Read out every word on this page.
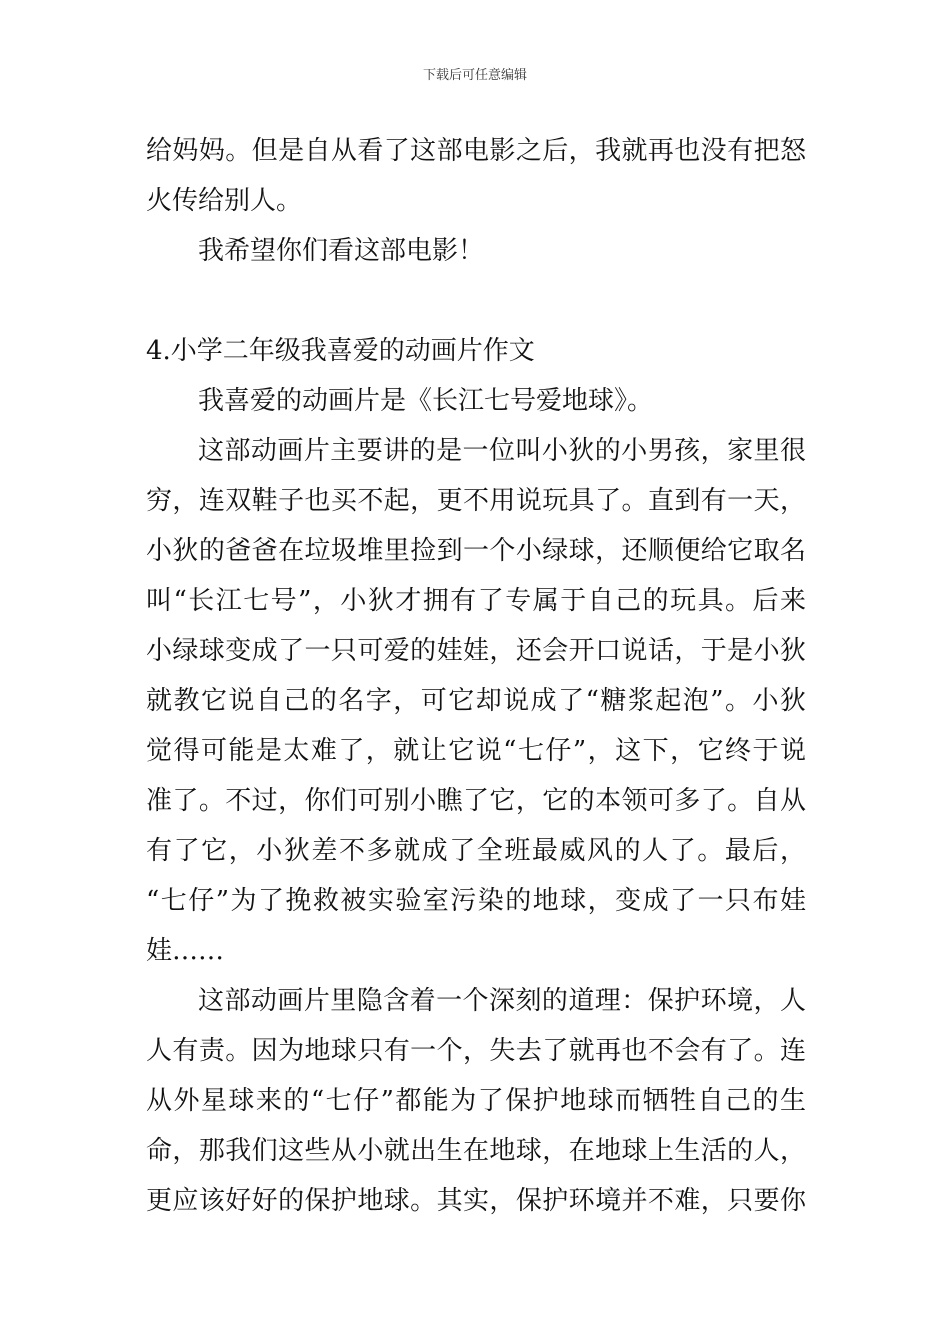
下载后可任意编辑
给妈妈。但是自从看了这部电影之后，我就再也没有把怒
火传给别人。
我希望你们看这部电影！
4.小学二年级我喜爱的动画片作文
我喜爱的动画片是《长江七号爱地球》。
这部动画片主要讲的是一位叫小狄的小男孩，家里很
穷，连双鞋子也买不起，更不用说玩具了。直到有一天，
小狄的爸爸在垃圾堆里捡到一个小绿球，还顺便给它取名
叫“长江七号”，小狄才拥有了专属于自己的玩具。后来
小绿球变成了一只可爱的娃娃，还会开口说话，于是小狄
就教它说自己的名字，可它却说成了“糖浆起泡”。小狄
觉得可能是太难了，就让它说“七仔”，这下，它终于说
准了。不过，你们可别小瞧了它，它的本领可多了。自从
有了它，小狄差不多就成了全班最威风的人了。最后，
“七仔”为了挽救被实验室污染的地球，变成了一只布娃
娃……
这部动画片里隐含着一个深刻的道理：保护环境，人
人有责。因为地球只有一个，失去了就再也不会有了。连
从外星球来的“七仔”都能为了保护地球而牺牲自己的生
命，那我们这些从小就出生在地球，在地球上生活的人，
更应该好好的保护地球。其实，保护环境并不难，只要你
